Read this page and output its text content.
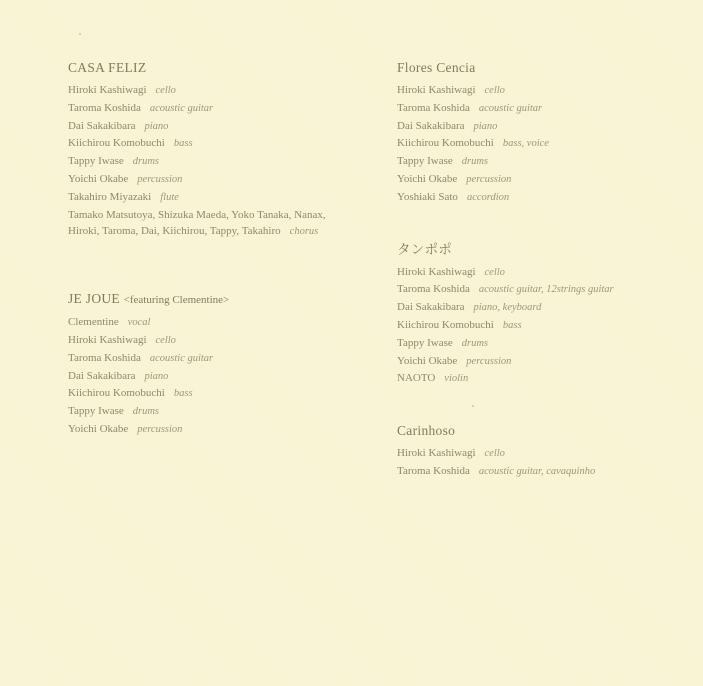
CASA FELIZ
Hiroki Kashiwagi cello
Taroma Koshida acoustic guitar
Dai Sakakibara piano
Kiichirou Komobuchi bass
Tappy Iwase drums
Yoichi Okabe percussion
Takahiro Miyazaki flute
Tamako Matsutoya, Shizuka Maeda, Yoko Tanaka, Nanax,
Hiroki, Taroma, Dai, Kiichirou, Tappy, Takahiro chorus
JE JOUE <featuring Clementine>
Clementine vocal
Hiroki Kashiwagi cello
Taroma Koshida acoustic guitar
Dai Sakakibara piano
Kiichirou Komobuchi bass
Tappy Iwase drums
Yoichi Okabe percussion
Flores Cencia
Hiroki Kashiwagi cello
Taroma Koshida acoustic guitar
Dai Sakakibara piano
Kiichirou Komobuchi bass, voice
Tappy Iwase drums
Yoichi Okabe percussion
Yoshiaki Sato accordion
タンポポ
Hiroki Kashiwagi cello
Taroma Koshida acoustic guitar, 12strings guitar
Dai Sakakibara piano, keyboard
Kiichirou Komobuchi bass
Tappy Iwase drums
Yoichi Okabe percussion
NAOTO violin
Carinhoso
Hiroki Kashiwagi cello
Taroma Koshida acoustic guitar, cavaquinho
